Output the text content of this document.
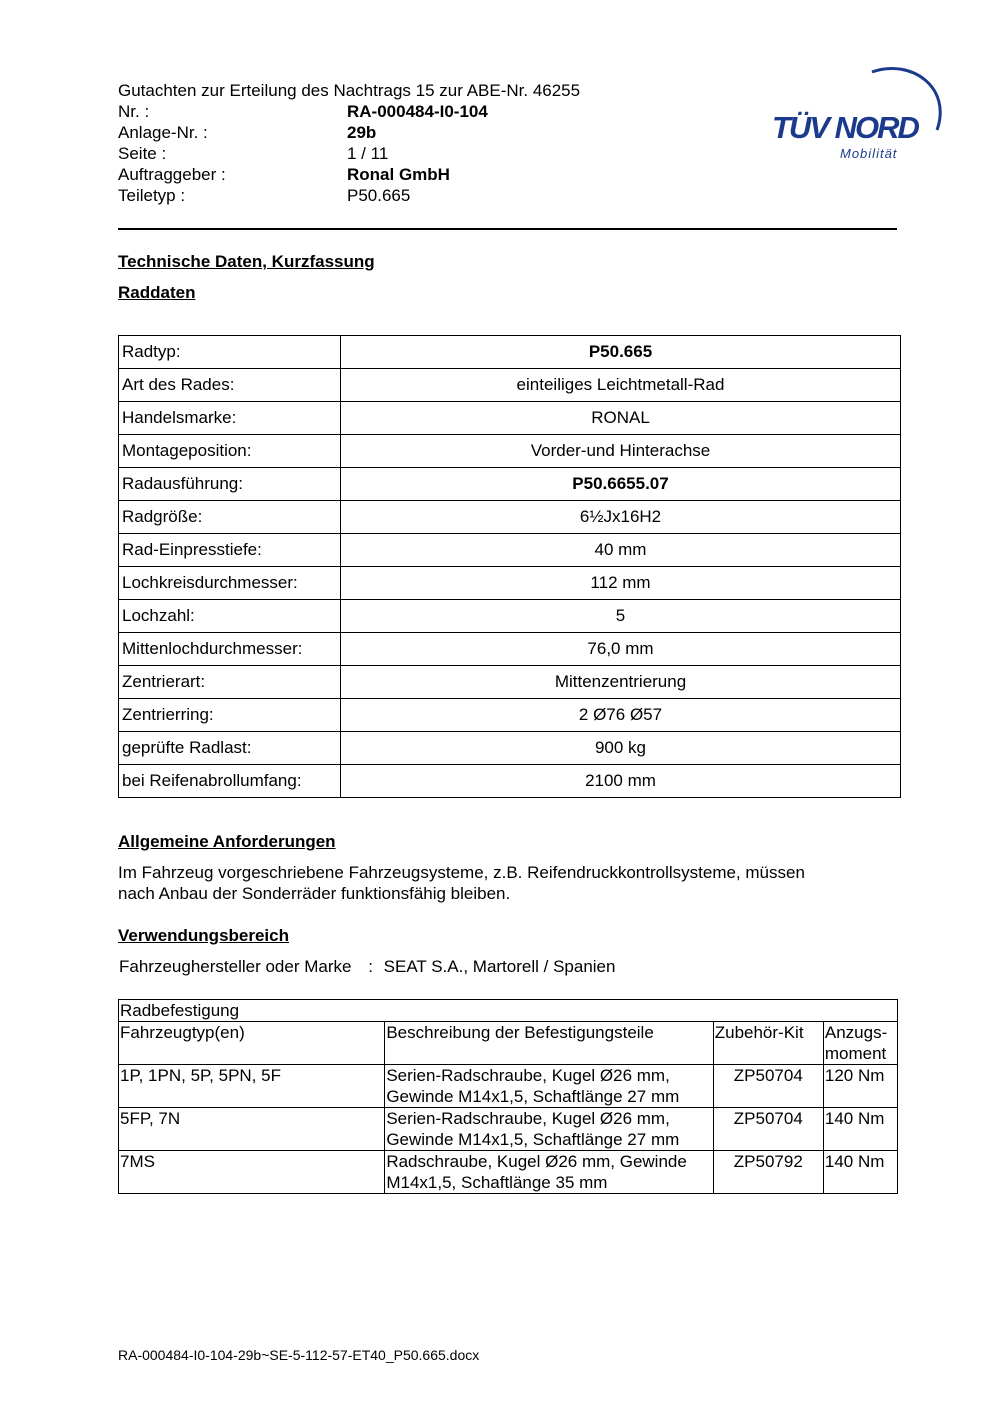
Gutachten zur Erteilung des Nachtrags 15 zur ABE-Nr. 46255
Nr. :	RA-000484-I0-104
Anlage-Nr. :	29b
Seite :	1 / 11
Auftraggeber :	Ronal GmbH
Teiletyp :	P50.665
TÜV NORD
Mobilität
Technische Daten, Kurzfassung
Raddaten
Radtyp:	P50.665
Art des Rades:	einteiliges Leichtmetall-Rad
Handelsmarke:	RONAL
Montageposition:	Vorder-und Hinterachse
Radausführung:	P50.6655.07
Radgröße:	6½Jx16H2
Rad-Einpresstiefe:	40 mm
Lochkreisdurchmesser:	112 mm
Lochzahl:	5
Mittenlochdurchmesser:	76,0 mm
Zentrierart:	Mittenzentrierung
Zentrierring:	2 Ø76 Ø57
geprüfte Radlast:	900 kg
bei Reifenabrollumfang:	2100 mm
Allgemeine Anforderungen
Im Fahrzeug vorgeschriebene Fahrzeugsysteme, z.B. Reifendruckkontrollsysteme, müssen
nach Anbau der Sonderräder funktionsfähig bleiben.
Verwendungsbereich
Fahrzeughersteller oder Marke : SEAT S.A., Martorell / Spanien
Radbefestigung			
Fahrzeugtyp(en)	Beschreibung der Befestigungsteile	Zubehör-Kit	Anzugs-
moment

1P, 1PN, 5P, 5PN, 5F	Serien-Radschraube, Kugel Ø26 mm,
Gewinde M14x1,5, Schaftlänge 27 mm	ZP50704	120 Nm
5FP, 7N	Serien-Radschraube, Kugel Ø26 mm,
Gewinde M14x1,5, Schaftlänge 27 mm	ZP50704	140 Nm
7MS	Radschraube, Kugel Ø26 mm, Gewinde
M14x1,5, Schaftlänge 35 mm	ZP50792	140 Nm
RA-000484-I0-104-29b~SE-5-112-57-ET40_P50.665.docx
